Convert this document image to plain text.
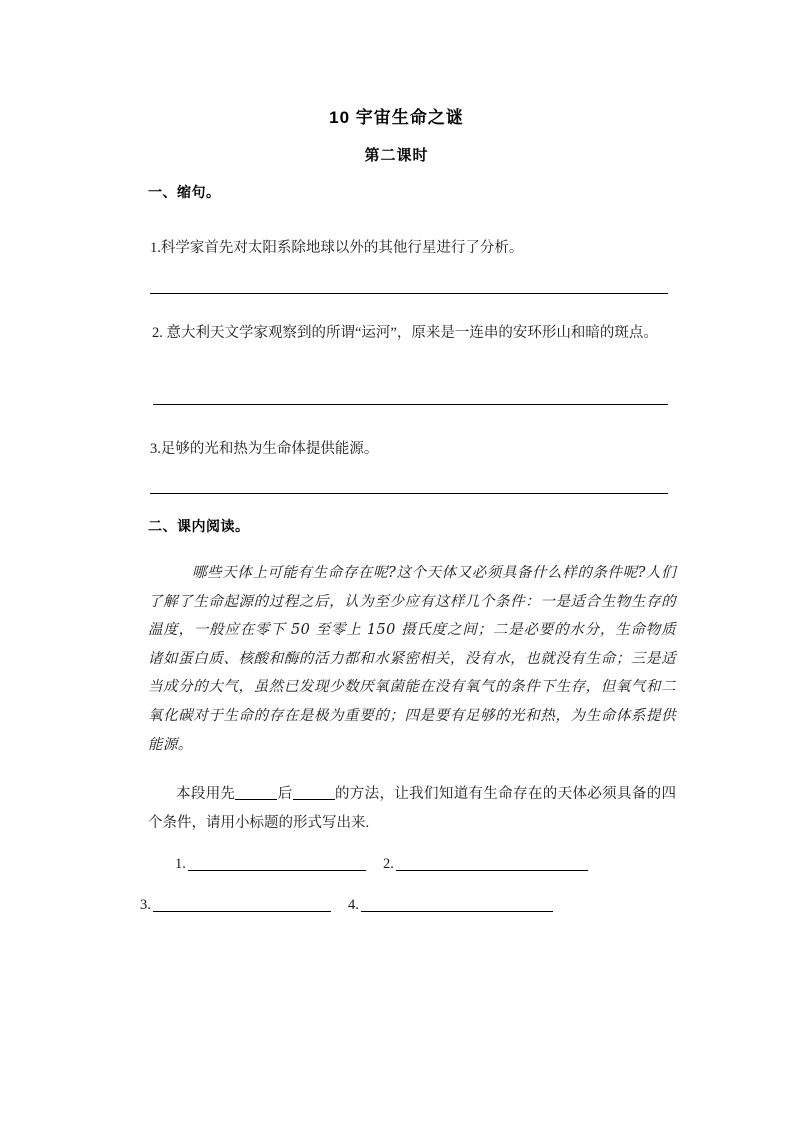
10 宇宙生命之谜
第二课时
一、缩句。
1.科学家首先对太阳系除地球以外的其他行星进行了分析。
2. 意大利天文学家观察到的所谓“运河”，原来是一连串的安环形山和暗的斑点。
3.足够的光和热为生命体提供能源。
二、课内阅读。
哪些天体上可能有生命存在呢?这个天体又必须具备什么样的条件呢?人们了解了生命起源的过程之后，认为至少应有这样几个条件：一是适合生物生存的温度，一般应在零下 50 至零上 150 摄氏度之间；二是必要的水分，生命物质诸如蛋白质、核酸和酶的活力都和水紧密相关，没有水，也就没有生命；三是适当成分的大气，虽然已发现少数厌氧菌能在没有氧气的条件下生存，但氧气和二氧化碳对于生命的存在是极为重要的；四是要有足够的光和热，为生命体系提供能源。
本段用先	后	的方法，让我们知道有生命存在的天体必须具备的四个条件，请用小标题的形式写出来.
1.	2.
3.	4.
